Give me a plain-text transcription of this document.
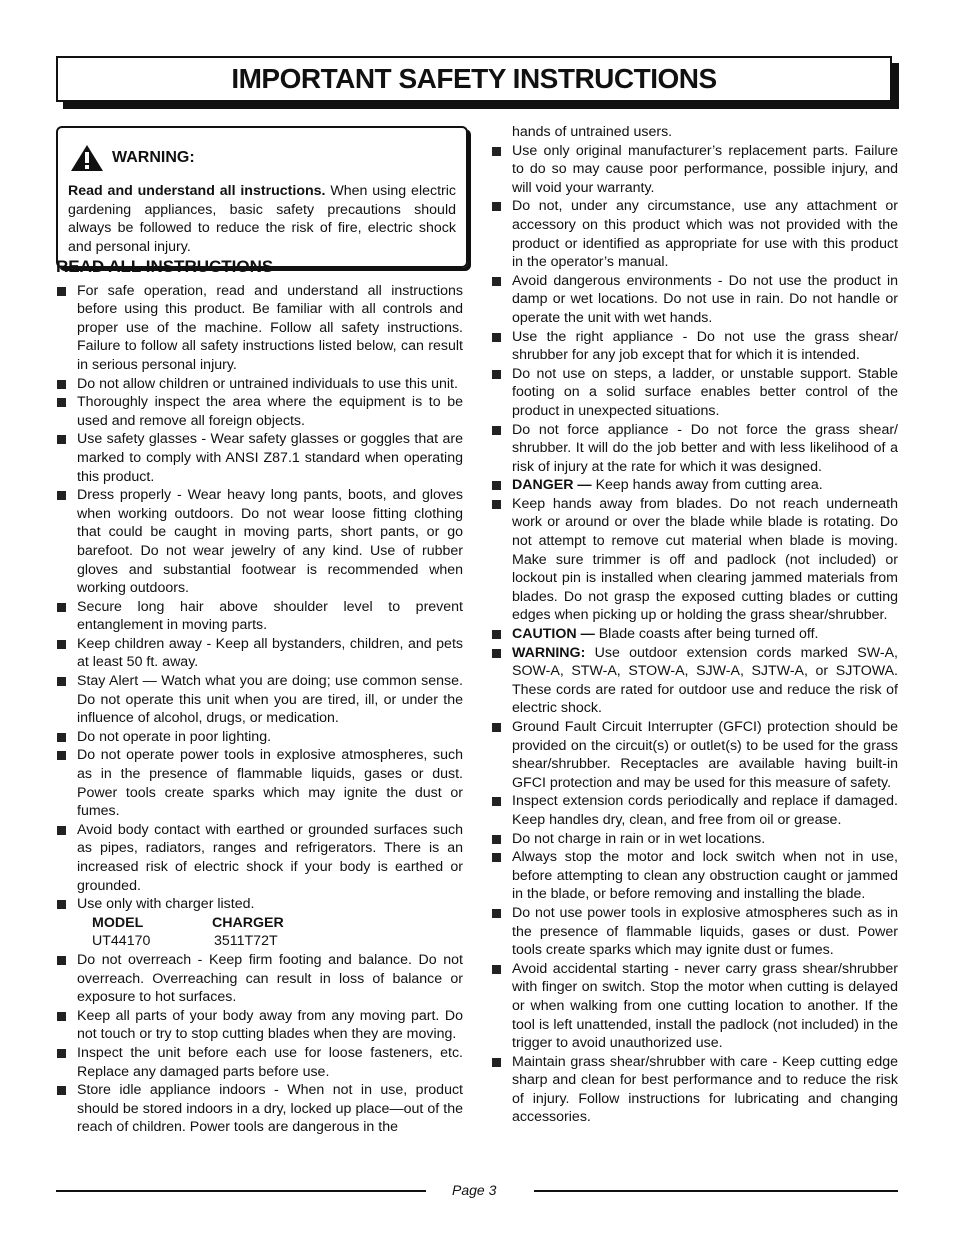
IMPORTANT SAFETY INSTRUCTIONS
WARNING:
Read and understand all instructions. When using electric gardening appliances, basic safety precautions should always be followed to reduce the risk of fire, electric shock and personal injury.
READ ALL INSTRUCTIONS
For safe operation, read and understand all instructions before using this product. Be familiar with all controls and proper use of the machine. Follow all safety instructions. Failure to follow all safety instructions listed below, can result in serious personal injury.
Do not allow children or untrained individuals to use this unit.
Thoroughly inspect the area where the equipment is to be used and remove all foreign objects.
Use safety glasses - Wear safety glasses or goggles that are marked to comply with ANSI Z87.1 standard when operating this product.
Dress properly - Wear heavy long pants, boots, and gloves when working outdoors. Do not wear loose fitting clothing that could be caught in moving parts, short pants, or go barefoot. Do not wear jewelry of any kind. Use of rubber gloves and substantial footwear is recommended when working outdoors.
Secure long hair above shoulder level to prevent entanglement in moving parts.
Keep children away - Keep all bystanders, children, and pets at least 50 ft. away.
Stay Alert — Watch what you are doing; use common sense. Do not operate this unit when you are tired, ill, or under the influence of alcohol, drugs, or medication.
Do not operate in poor lighting.
Do not operate power tools in explosive atmospheres, such as in the presence of flammable liquids, gases or dust. Power tools create sparks which may ignite the dust or fumes.
Avoid body contact with earthed or grounded surfaces such as pipes, radiators, ranges and refrigerators. There is an increased risk of electric shock if your body is earthed or grounded.
Use only with charger listed.
MODEL	CHARGER
UT44170	3511T72T
Do not overreach - Keep firm footing and balance. Do not overreach. Overreaching can result in loss of balance or exposure to hot surfaces.
Keep all parts of your body away from any moving part. Do not touch or try to stop cutting blades when they are moving.
Inspect the unit before each use for loose fasteners, etc. Replace any damaged parts before use.
Store idle appliance indoors - When not in use, product should be stored indoors in a dry, locked up place—out of the reach of children. Power tools are dangerous in the
hands of untrained users.
Use only original manufacturer’s replacement parts. Failure to do so may cause poor performance, possible injury, and will void your warranty.
Do not, under any circumstance, use any attachment or accessory on this product which was not provided with the product or identified as appropriate for use with this product in the operator’s manual.
Avoid dangerous environments - Do not use the product in damp or wet locations. Do not use in rain. Do not handle or operate the unit with wet hands.
Use the right appliance - Do not use the grass shear/ shrubber for any job except that for which it is intended.
Do not use on steps, a ladder, or unstable support. Stable footing on a solid surface enables better control of the product in unexpected situations.
Do not force appliance - Do not force the grass shear/ shrubber. It will do the job better and with less likelihood of a risk of injury at the rate for which it was designed.
DANGER — Keep hands away from cutting area.
Keep hands away from blades. Do not reach underneath work or around or over the blade while blade is rotating. Do not attempt to remove cut material when blade is moving. Make sure trimmer is off and padlock (not included) or lockout pin is installed when clearing jammed materials from blades. Do not grasp the exposed cutting blades or cutting edges when picking up or holding the grass shear/shrubber.
CAUTION — Blade coasts after being turned off.
WARNING: Use outdoor extension cords marked SW-A, SOW-A, STW-A, STOW-A, SJW-A, SJTW-A, or SJTOWA. These cords are rated for outdoor use and reduce the risk of electric shock.
Ground Fault Circuit Interrupter (GFCI) protection should be provided on the circuit(s) or outlet(s) to be used for the grass shear/shrubber. Receptacles are available having built-in GFCI protection and may be used for this measure of safety.
Inspect extension cords periodically and replace if damaged. Keep handles dry, clean, and free from oil or grease.
Do not charge in rain or in wet locations.
Always stop the motor and lock switch when not in use, before attempting to clean any obstruction caught or jammed in the blade, or before removing and installing the blade.
Do not use power tools in explosive atmospheres such as in the presence of flammable liquids, gases or dust. Power tools create sparks which may ignite dust or fumes.
Avoid accidental starting - never carry grass shear/shrubber with finger on switch. Stop the motor when cutting is delayed or when walking from one cutting location to another. If the tool is left unattended, install the padlock (not included) in the trigger to avoid unauthorized use.
Maintain grass shear/shrubber with care - Keep cutting edge sharp and clean for best performance and to reduce the risk of injury. Follow instructions for lubricating and changing accessories.
Page 3
